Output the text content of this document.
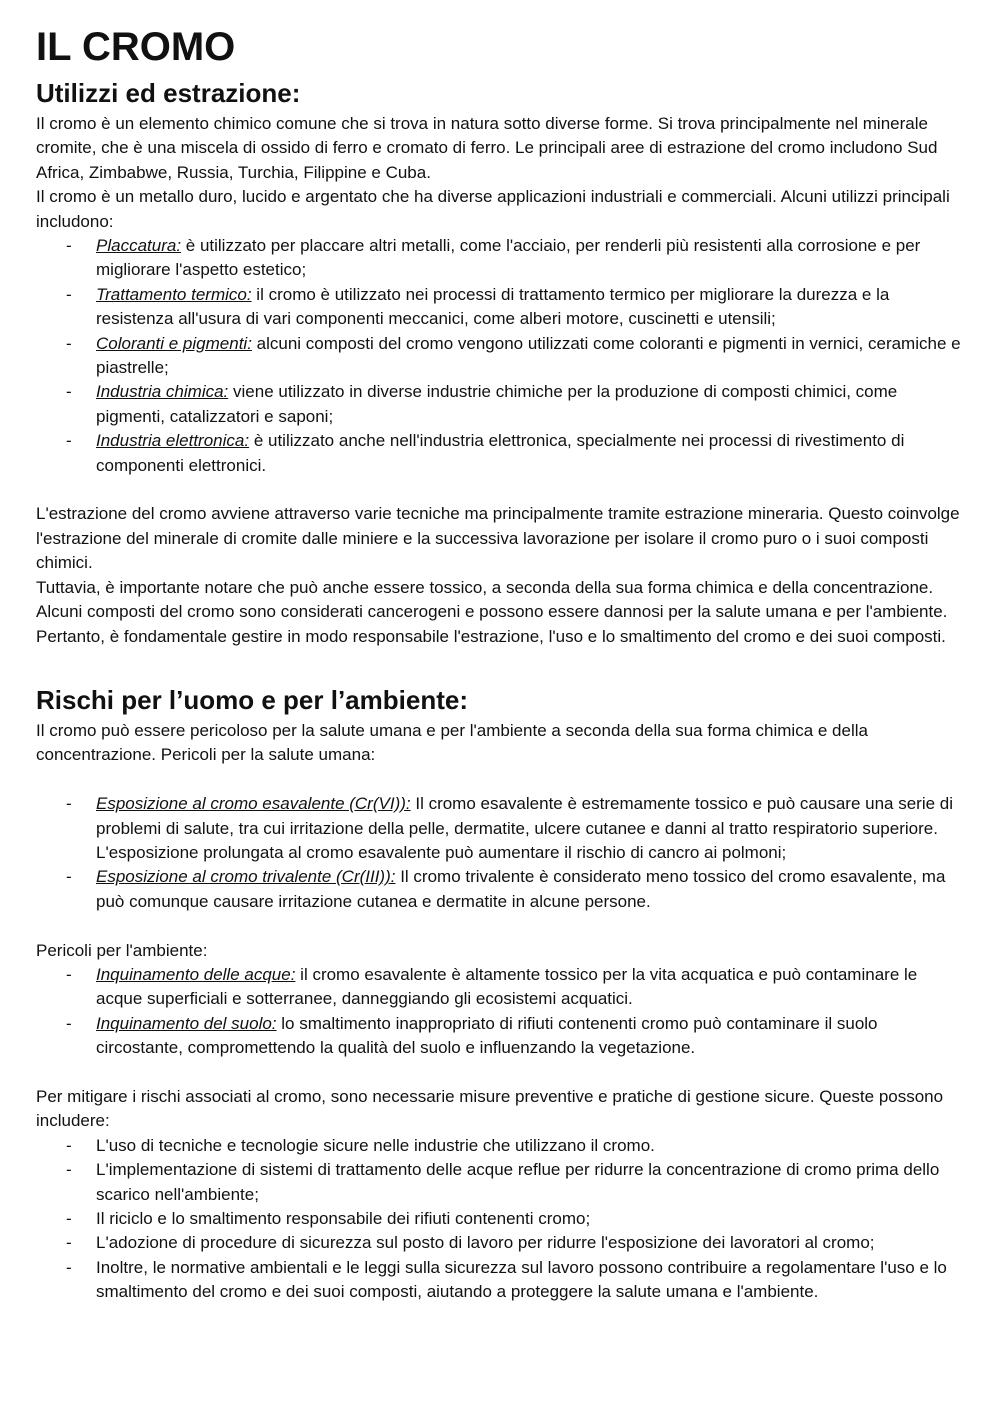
IL CROMO
Utilizzi ed estrazione:

Il cromo è un elemento chimico comune che si trova in natura sotto diverse forme. Si trova principalmente nel minerale cromite, che è una miscela di ossido di ferro e cromato di ferro. Le principali aree di estrazione del cromo includono Sud Africa, Zimbabwe, Russia, Turchia, Filippine e Cuba.

Il cromo è un metallo duro, lucido e argentato che ha diverse applicazioni industriali e commerciali. Alcuni utilizzi principali includono:

- Placcatura: è utilizzato per placcare altri metalli, come l'acciaio, per renderli più resistenti alla corrosione e per migliorare l'aspetto estetico;
- Trattamento termico: il cromo è utilizzato nei processi di trattamento termico per migliorare la durezza e la resistenza all'usura di vari componenti meccanici, come alberi motore, cuscinetti e utensili;
- Coloranti e pigmenti: alcuni composti del cromo vengono utilizzati come coloranti e pigmenti in vernici, ceramiche e piastrelle;
- Industria chimica: viene utilizzato in diverse industrie chimiche per la produzione di composti chimici, come pigmenti, catalizzatori e saponi;
- Industria elettronica: è utilizzato anche nell'industria elettronica, specialmente nei processi di rivestimento di componenti elettronici.

L'estrazione del cromo avviene attraverso varie tecniche ma principalmente tramite estrazione mineraria. Questo coinvolge l'estrazione del minerale di cromite dalle miniere e la successiva lavorazione per isolare il cromo puro o i suoi composti chimici.

Tuttavia, è importante notare che può anche essere tossico, a seconda della sua forma chimica e della concentrazione. Alcuni composti del cromo sono considerati cancerogeni e possono essere dannosi per la salute umana e per l'ambiente. Pertanto, è fondamentale gestire in modo responsabile l'estrazione, l'uso e lo smaltimento del cromo e dei suoi composti.

Rischi per l’uomo e per l’ambiente:

Il cromo può essere pericoloso per la salute umana e per l'ambiente a seconda della sua forma chimica e della concentrazione. Pericoli per la salute umana:

- Esposizione al cromo esavalente (Cr(VI)): Il cromo esavalente è estremamente tossico e può causare una serie di problemi di salute, tra cui irritazione della pelle, dermatite, ulcere cutanee e danni al tratto respiratorio superiore. L'esposizione prolungata al cromo esavalente può aumentare il rischio di cancro ai polmoni;
- Esposizione al cromo trivalente (Cr(III)): Il cromo trivalente è considerato meno tossico del cromo esavalente, ma può comunque causare irritazione cutanea e dermatite in alcune persone.

Pericoli per l'ambiente:

- Inquinamento delle acque: il cromo esavalente è altamente tossico per la vita acquatica e può contaminare le acque superficiali e sotterranee, danneggiando gli ecosistemi acquatici.
- Inquinamento del suolo: lo smaltimento inappropriato di rifiuti contenenti cromo può contaminare il suolo circostante, compromettendo la qualità del suolo e influenzando la vegetazione.

Per mitigare i rischi associati al cromo, sono necessarie misure preventive e pratiche di gestione sicure. Queste possono includere:

- L'uso di tecniche e tecnologie sicure nelle industrie che utilizzano il cromo.
- L'implementazione di sistemi di trattamento delle acque reflue per ridurre la concentrazione di cromo prima dello scarico nell'ambiente;
- Il riciclo e lo smaltimento responsabile dei rifiuti contenenti cromo;
- L'adozione di procedure di sicurezza sul posto di lavoro per ridurre l'esposizione dei lavoratori al cromo;
- Inoltre, le normative ambientali e le leggi sulla sicurezza sul lavoro possono contribuire a regolamentare l'uso e lo smaltimento del cromo e dei suoi composti, aiutando a proteggere la salute umana e l'ambiente.
